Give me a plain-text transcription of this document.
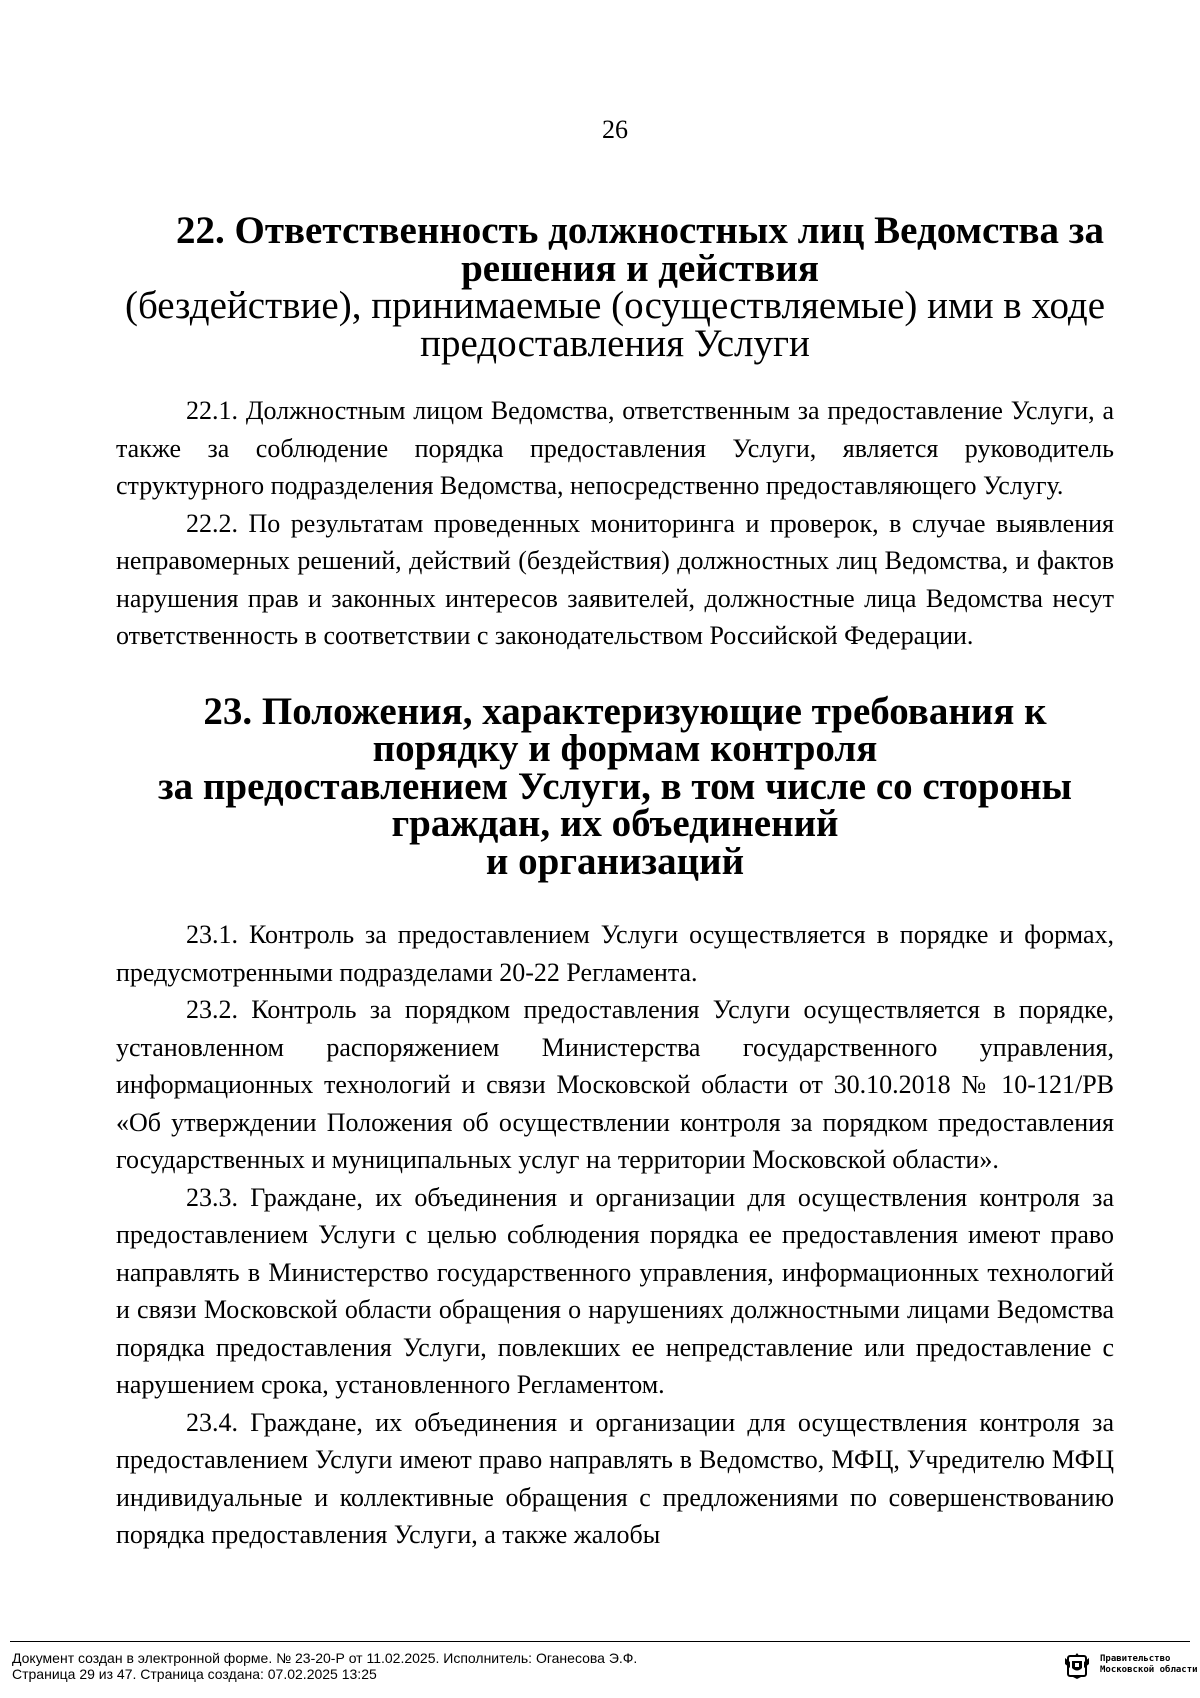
26
22. Ответственность должностных лиц Ведомства за решения и действия
(бездействие), принимаемые (осуществляемые) ими в ходе предоставления Услуги

22.1. Должностным лицом Ведомства, ответственным за предоставление Услуги, а также за соблюдение порядка предоставления Услуги, является руководитель структурного подразделения Ведомства, непосредственно предоставляющего Услугу.

22.2. По результатам проведенных мониторинга и проверок, в случае выявления неправомерных решений, действий (бездействия) должностных лиц Ведомства, и фактов нарушения прав и законных интересов заявителей, должностные лица Ведомства несут ответственность в соответствии с законодательством Российской Федерации.

23. Положения, характеризующие требования к порядку и формам контроля
за предоставлением Услуги, в том числе со стороны граждан, их объединений
и организаций

23.1. Контроль за предоставлением Услуги осуществляется в порядке и формах, предусмотренными подразделами 20-22 Регламента.

23.2. Контроль за порядком предоставления Услуги осуществляется в порядке, установленном распоряжением Министерства государственного управления, информационных технологий и связи Московской области от 30.10.2018 № 10-121/РВ «Об утверждении Положения об осуществлении контроля за порядком предоставления государственных и муниципальных услуг на территории Московской области».

23.3. Граждане, их объединения и организации для осуществления контроля за предоставлением Услуги с целью соблюдения порядка ее предоставления имеют право направлять в Министерство государственного управления, информационных технологий и связи Московской области обращения о нарушениях должностными лицами Ведомства порядка предоставления Услуги, повлекших ее непредставление или предоставление с нарушением срока, установленного Регламентом.

23.4. Граждане, их объединения и организации для осуществления контроля за предоставлением Услуги имеют право направлять в Ведомство, МФЦ, Учредителю МФЦ индивидуальные и коллективные обращения с предложениями по совершенствованию порядка предоставления Услуги, а также жалобы

Документ создан в электронной форме. № 23-20-Р от 11.02.2025. Исполнитель: Оганесова Э.Ф.
Страница 29 из 47. Страница создана: 07.02.2025 13:25
Правительство
Московской области
